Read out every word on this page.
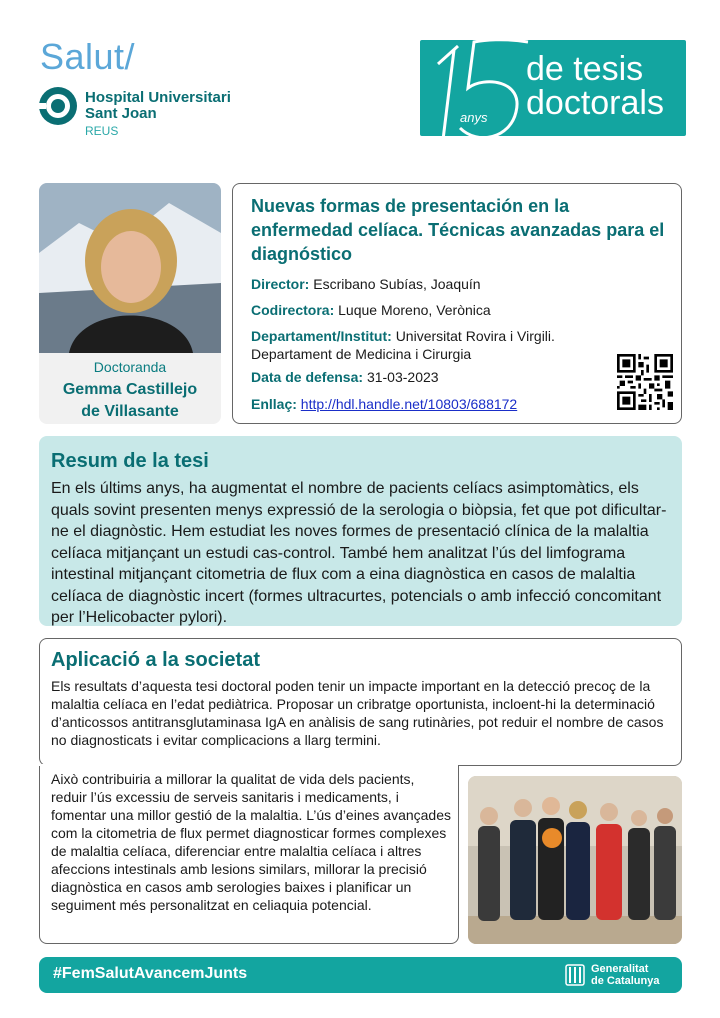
Salut/
Hospital Universitari
Sant Joan
REUS
anys
de tesis
doctorals
Doctoranda
Gemma Castillejo
de Villasante
Nuevas formas de presentación en la enfermedad celíaca. Técnicas avanzadas para el diagnóstico
Director: Escribano Subías, Joaquín
Codirectora: Luque Moreno, Verònica
Departament/Institut: Universitat Rovira i Virgili.
Departament de Medicina i Cirurgia
Data de defensa: 31-03-2023
Enllaç: http://hdl.handle.net/10803/688172
Resum de la tesi
En els últims anys, ha augmentat el nombre de pacients celíacs asimptomàtics, els quals sovint presenten menys expressió de la serologia o biòpsia, fet que pot dificultar-ne el diagnòstic. Hem estudiat les noves formes de presentació clínica de la malaltia celíaca mitjançant un estudi cas-control. També hem analitzat l’ús del limfograma intestinal mitjançant citometria de flux com a eina diagnòstica en casos de malaltia celíaca de diagnòstic incert (formes ultracurtes, potencials o amb infecció concomitant per l’Helicobacter pylori).
Aplicació a la societat
Els resultats d’aquesta tesi doctoral poden tenir un impacte important en la detecció precoç de la malaltia celíaca en l’edat pediàtrica. Proposar un cribratge oportunista, incloent-hi la determinació d’anticossos antitransglutaminasa IgA en anàlisis de sang rutinàries, pot reduir el nombre de casos no diagnosticats i evitar complicacions a llarg termini.
Això contribuiria a millorar la qualitat de vida dels pacients, reduir l’ús excessiu de serveis sanitaris i medicaments, i fomentar una millor gestió de la malaltia. L’ús d’eines avançades com la citometria de flux permet diagnosticar formes complexes de malaltia celíaca, diferenciar entre malaltia celíaca i altres afeccions intestinals amb lesions similars, millorar la precisió diagnòstica en casos amb serologies baixes i planificar un seguiment més personalitzat en celiaquia potencial.
#FemSalutAvancemJunts	Generalitat
de Catalunya
